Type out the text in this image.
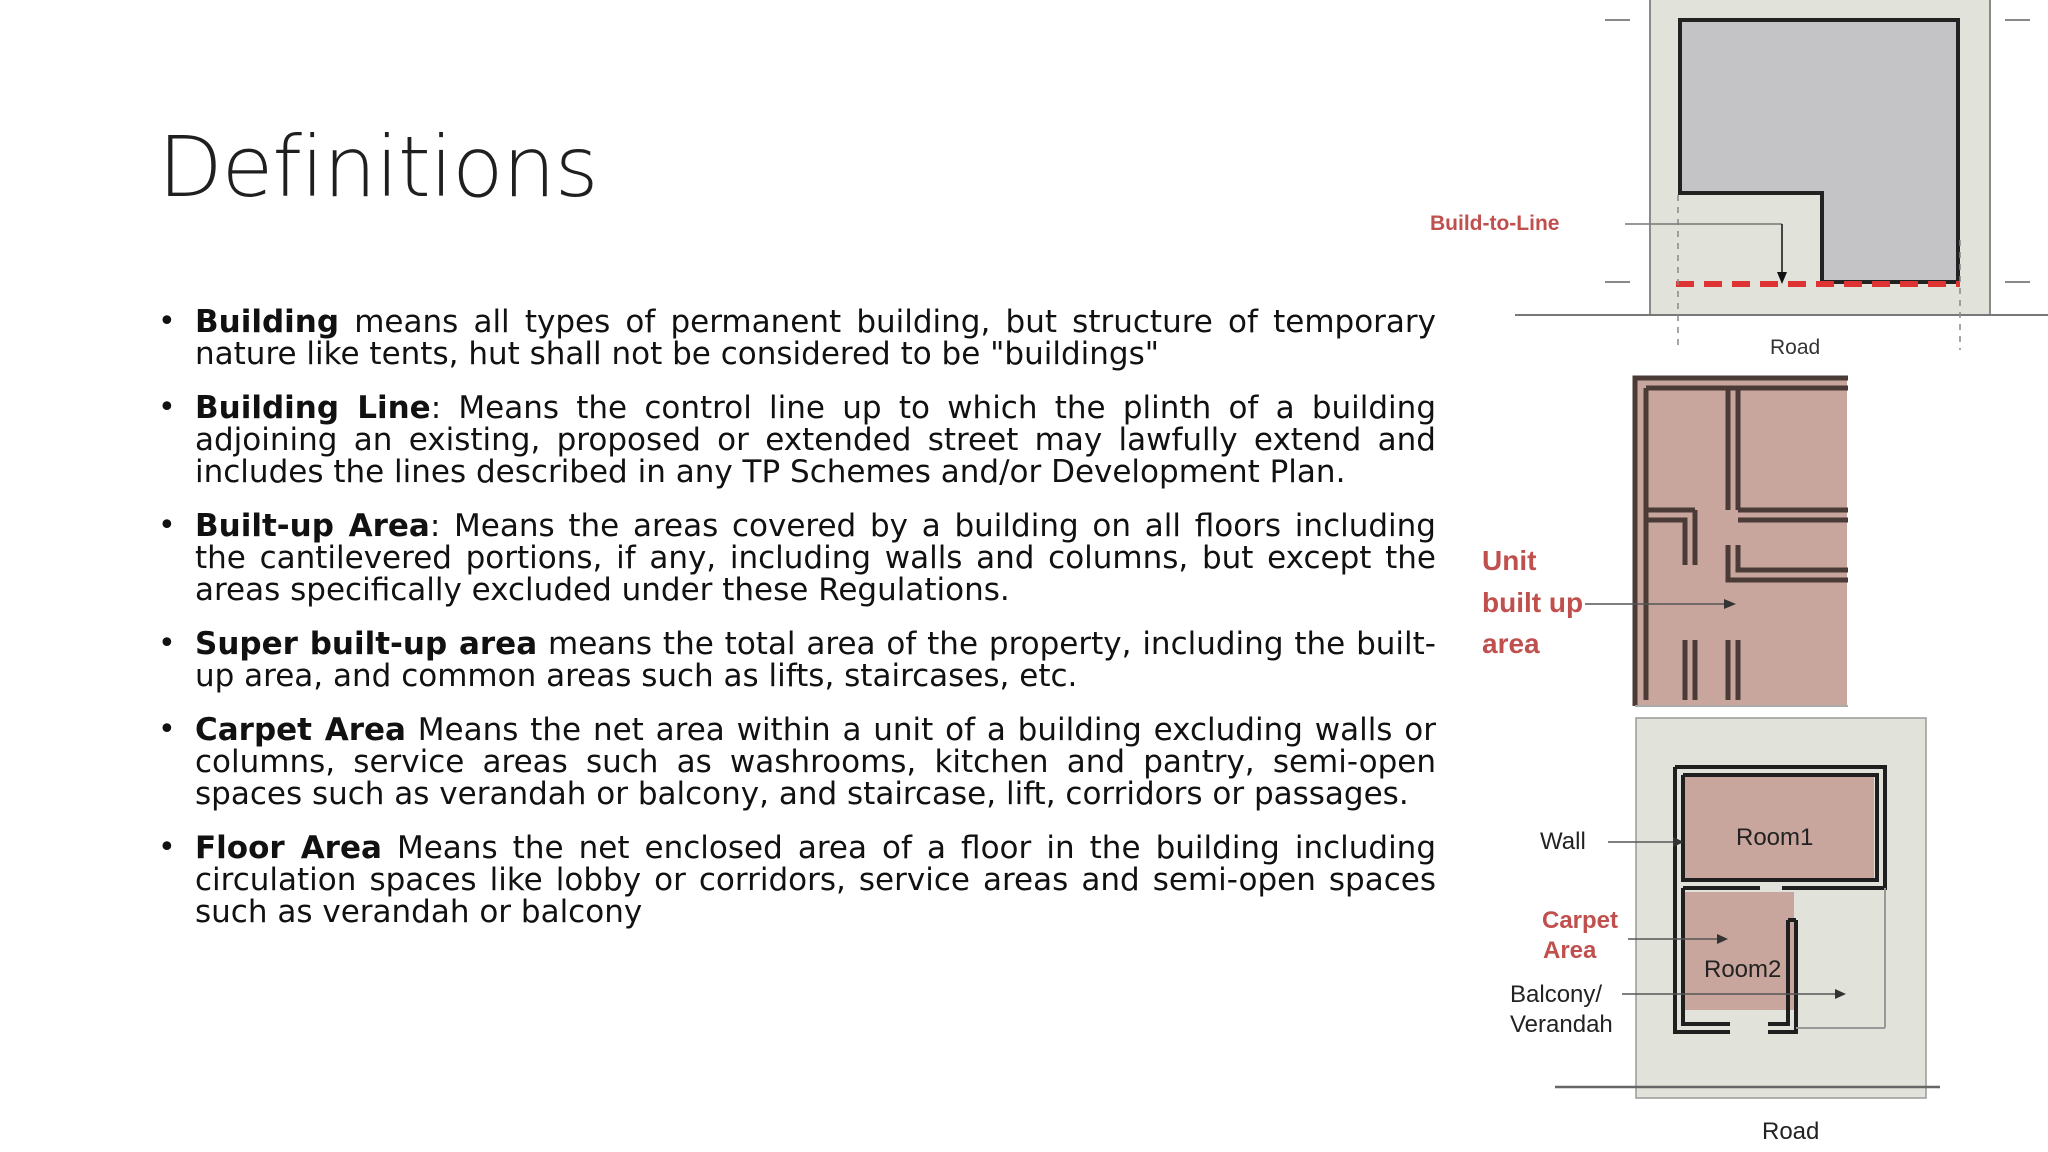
Definitions
• Building means all types of permanent building, but structure of temporary nature like tents, hut shall not be considered to be "buildings"
• Building Line: Means the control line up to which the plinth of a building adjoining an existing, proposed or extended street may lawfully extend and includes the lines described in any TP Schemes and/or Development Plan.
• Built-up Area: Means the areas covered by a building on all floors including the cantilevered portions, if any, including walls and columns, but except the areas specifically excluded under these Regulations.
• Super built-up area means the total area of the property, including the built-up area, and common areas such as lifts, staircases, etc.
• Carpet Area Means the net area within a unit of a building excluding walls or columns, service areas such as washrooms, kitchen and pantry, semi-open spaces such as verandah or balcony, and staircase, lift, corridors or passages.
• Floor Area Means the net enclosed area of a floor in the building including circulation spaces like lobby or corridors, service areas and semi-open spaces such as verandah or balcony
Build-to-Line
Road
Unit
built up
area
Room1
Room2
Wall
Carpet
Area
Balcony/
Verandah
Road
